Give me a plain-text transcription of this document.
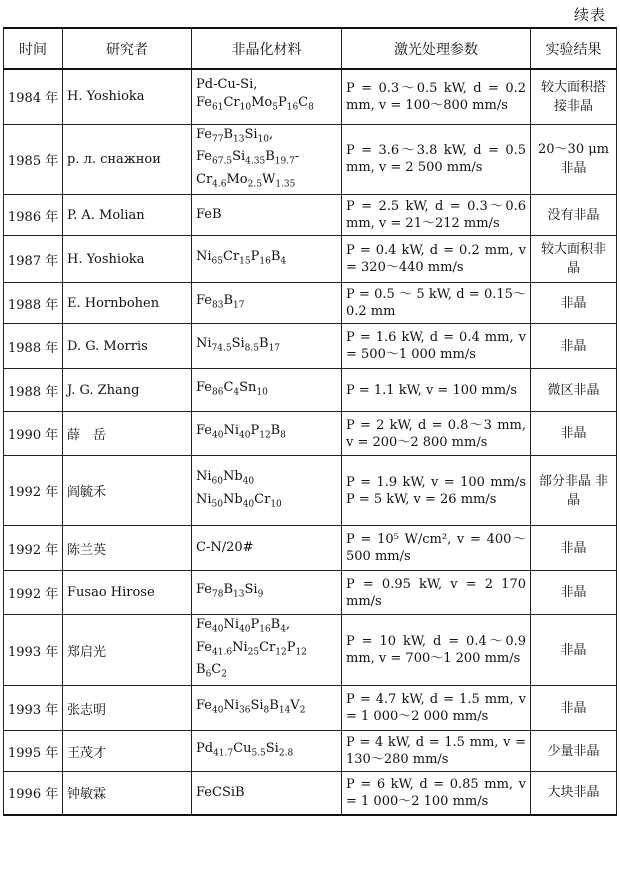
续表
时间	研究者	非晶化材料	激光处理参数	实验结果
1984 年	H. Yoshioka	Pd-Cu-Si,
$Fe_{61}Cr_{10}Mo_5P_{16}C_8$	P = 0.3～0.5 kW, d = 0.2 mm, v = 100～800 mm/s	较大面积搭接非晶
1985 年	р. л. снажнои	$Fe_{77}B_{13}Si_{10}$,
$Fe_{67.5}Si_{4.35}B_{19.7}-$
$Cr_{4.6}Mo_{2.5}W_{1.35}$	P = 3.6～3.8 kW, d = 0.5 mm, v = 2 500 mm/s	20～30 μm 非晶
1986 年	P. A. Molian	FeB	P = 2.5 kW, d = 0.3～0.6 mm, v = 21～212 mm/s	没有非晶
1987 年	H. Yoshioka	$Ni_{65}Cr_{15}P_{16}B_4$	P = 0.4 kW, d = 0.2 mm, v = 320～440 mm/s	较大面积非晶
1988 年	E. Hornbohen	$Fe_{83}B_{17}$	P = 0.5 ～ 5 kW, d = 0.15～0.2 mm	非晶
1988 年	D. G. Morris	$Ni_{74.5}Si_{8.5}B_{17}$	P = 1.6 kW, d = 0.4 mm, v = 500～1 000 mm/s	非晶
1988 年	J. G. Zhang	$Fe_{86}C_4Sn_{10}$	P = 1.1 kW, v = 100 mm/s	微区非晶
1990 年	薛　岳	$Fe_{40}Ni_{40}P_{12}B_8$	P = 2 kW, d = 0.8～3 mm, v = 200～2 800 mm/s	非晶
1992 年	阎毓禾	$Ni_{60}Nb_{40}$
$Ni_{50}Nb_{40}Cr_{10}$	P = 1.9 kW, v = 100 mm/s P = 5 kW, v = 26 mm/s	部分非晶 非晶
1992 年	陈兰英	C-N/20#	P = 10⁵ W/cm², v = 400～500 mm/s	非晶
1992 年	Fusao Hirose	$Fe_{78}B_{13}Si_9$	P = 0.95 kW, v = 2 170 mm/s	非晶
1993 年	郑启光	$Fe_{40}Ni_{40}P_{16}B_4$,
$Fe_{41.6}Ni_{25}Cr_{12}P_{12}$
$B_6C_2$	P = 10 kW, d = 0.4～0.9 mm, v = 700～1 200 mm/s	非晶
1993 年	张志明	$Fe_{40}Ni_{36}Si_8B_{14}V_2$	P = 4.7 kW, d = 1.5 mm, v = 1 000～2 000 mm/s	非晶
1995 年	王茂才	$Pd_{41.7}Cu_{5.5}Si_{2.8}$	P = 4 kW, d = 1.5 mm, v = 130～280 mm/s	少量非晶
1996 年	钟敏霖	FeCSiB	P = 6 kW, d = 0.85 mm, v = 1 000～2 100 mm/s	大块非晶
